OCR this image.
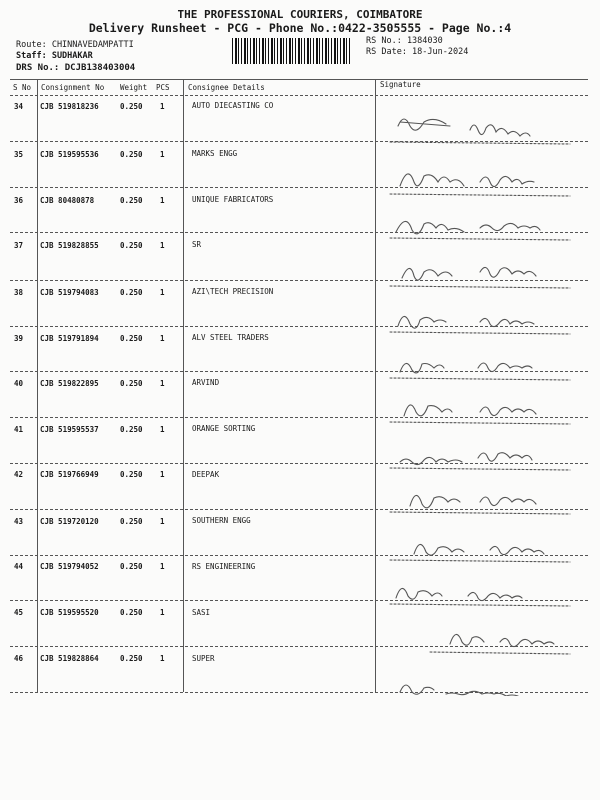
THE PROFESSIONAL COURIERS, COIMBATORE
Delivery Runsheet - PCG - Phone No.:0422-3505555 - Page No.:4
Route: CHINNAVEDAMPATTI
Staff: SUDHAKAR
DRS No.: DCJB138403004
RS No.: 1384030
RS Date: 18-Jun-2024
S No Consignment No Weight PCS Consignee Details	Signature
34 CJB 519818236	0.250 1	AUTO DIECASTING CO
35 CJB 519595536	0.250 1	MARKS ENGG
36 CJB 80480878	0.250 1	UNIQUE FABRICATORS
37 CJB 519828855	0.250 1	SR
38 CJB 519794083	0.250 1	AZI\TECH PRECISION
39 CJB 519791894	0.250 1	ALV STEEL TRADERS
40 CJB 519822895	0.250 1	ARVIND
41 CJB 519595537	0.250 1	ORANGE SORTING
42 CJB 519766949	0.250 1	DEEPAK
43 CJB 519720120	0.250 1	SOUTHERN ENGG
44 CJB 519794052	0.250 1	RS ENGINEERING
45 CJB 519595520	0.250 1	SASI
46 CJB 519828864	0.250 1	SUPER
